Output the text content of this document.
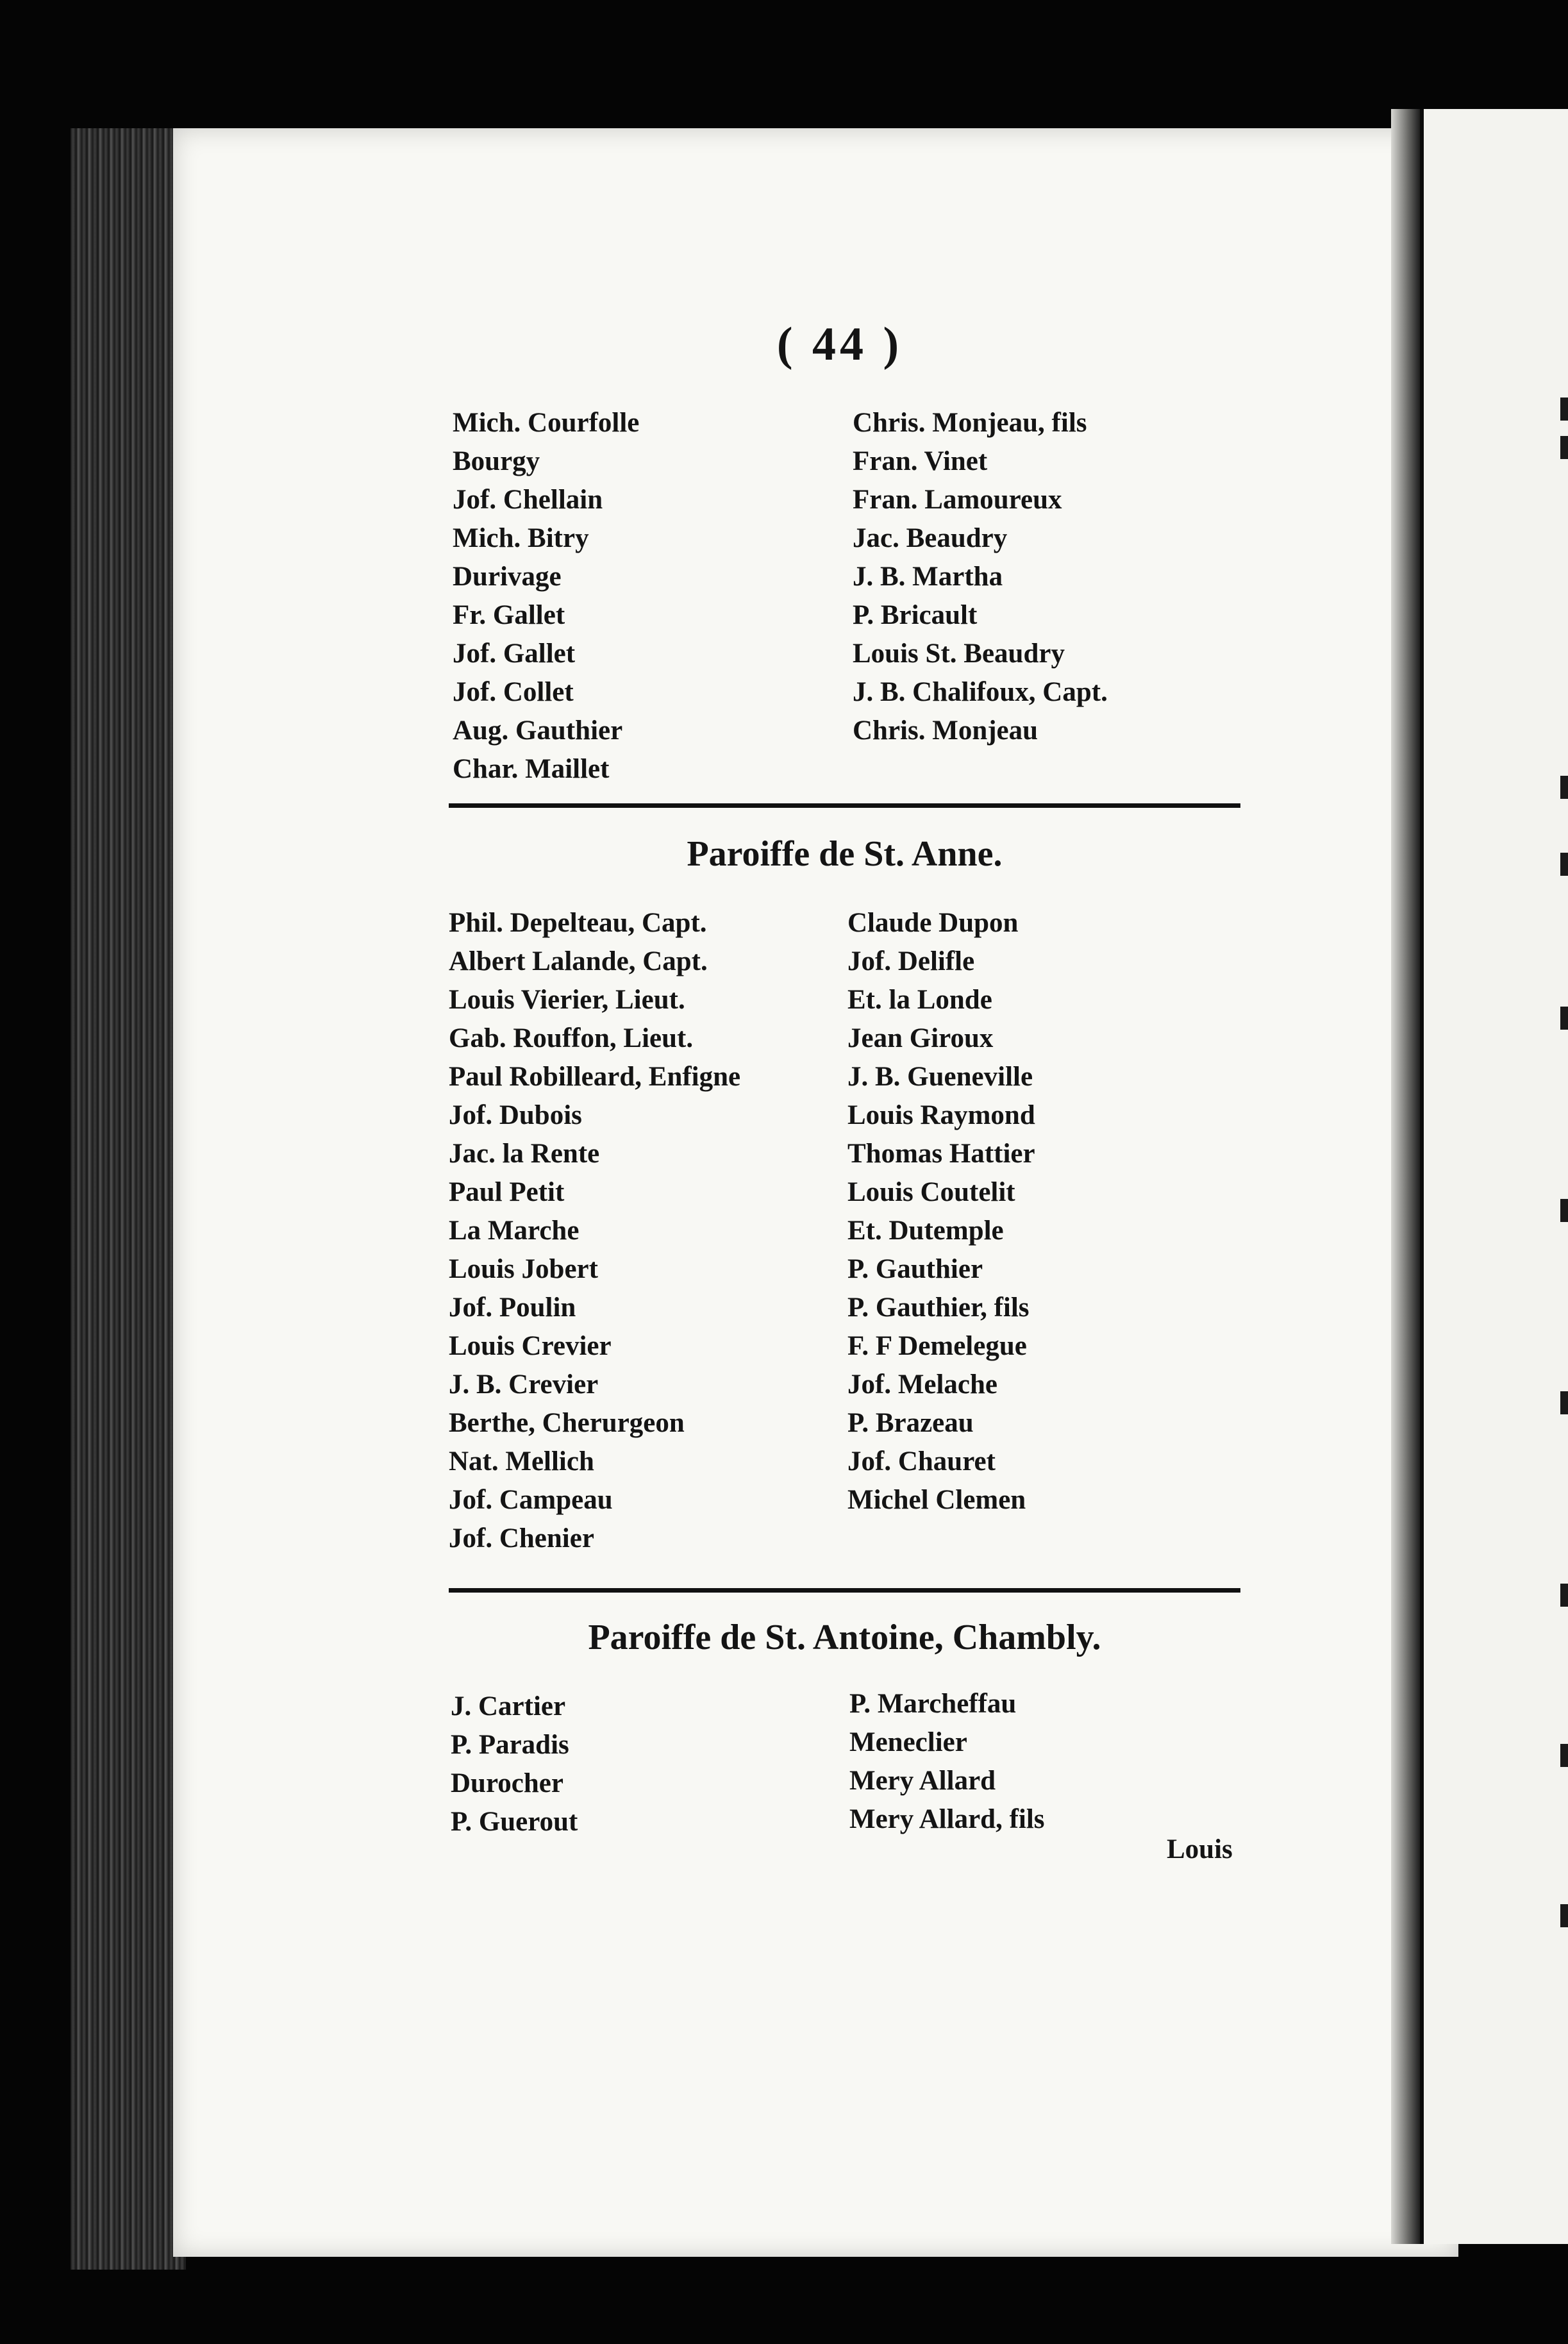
( 44 )
Mich. Courfolle
Bourgy
Jof. Chellain
Mich. Bitry
Durivage
Fr. Gallet
Jof. Gallet
Jof. Collet
Aug. Gauthier
Char. Maillet
Chris. Monjeau, fils
Fran. Vinet
Fran. Lamoureux
Jac. Beaudry
J. B. Martha
P. Bricault
Louis St. Beaudry
J. B. Chalifoux, Capt.
Chris. Monjeau
Paroiffe de St. Anne.
Phil. Depelteau, Capt.
Albert Lalande, Capt.
Louis Vierier, Lieut.
Gab. Rouffon, Lieut.
Paul Robilleard, Enfigne
Jof. Dubois
Jac. la Rente
Paul Petit
La Marche
Louis Jobert
Jof. Poulin
Louis Crevier
J. B. Crevier
Berthe, Cherurgeon
Nat. Mellich
Jof. Campeau
Jof. Chenier
Claude Dupon
Jof. Delifle
Et. la Londe
Jean Giroux
J. B. Gueneville
Louis Raymond
Thomas Hattier
Louis Coutelit
Et. Dutemple
P. Gauthier
P. Gauthier, fils
F. F Demelegue
Jof. Melache
P. Brazeau
Jof. Chauret
Michel Clemen
Paroiffe de St. Antoine, Chambly.
J. Cartier
P. Paradis
Durocher
P. Guerout
P. Marcheffau
Meneclier
Mery Allard
Mery Allard, fils
Louis
